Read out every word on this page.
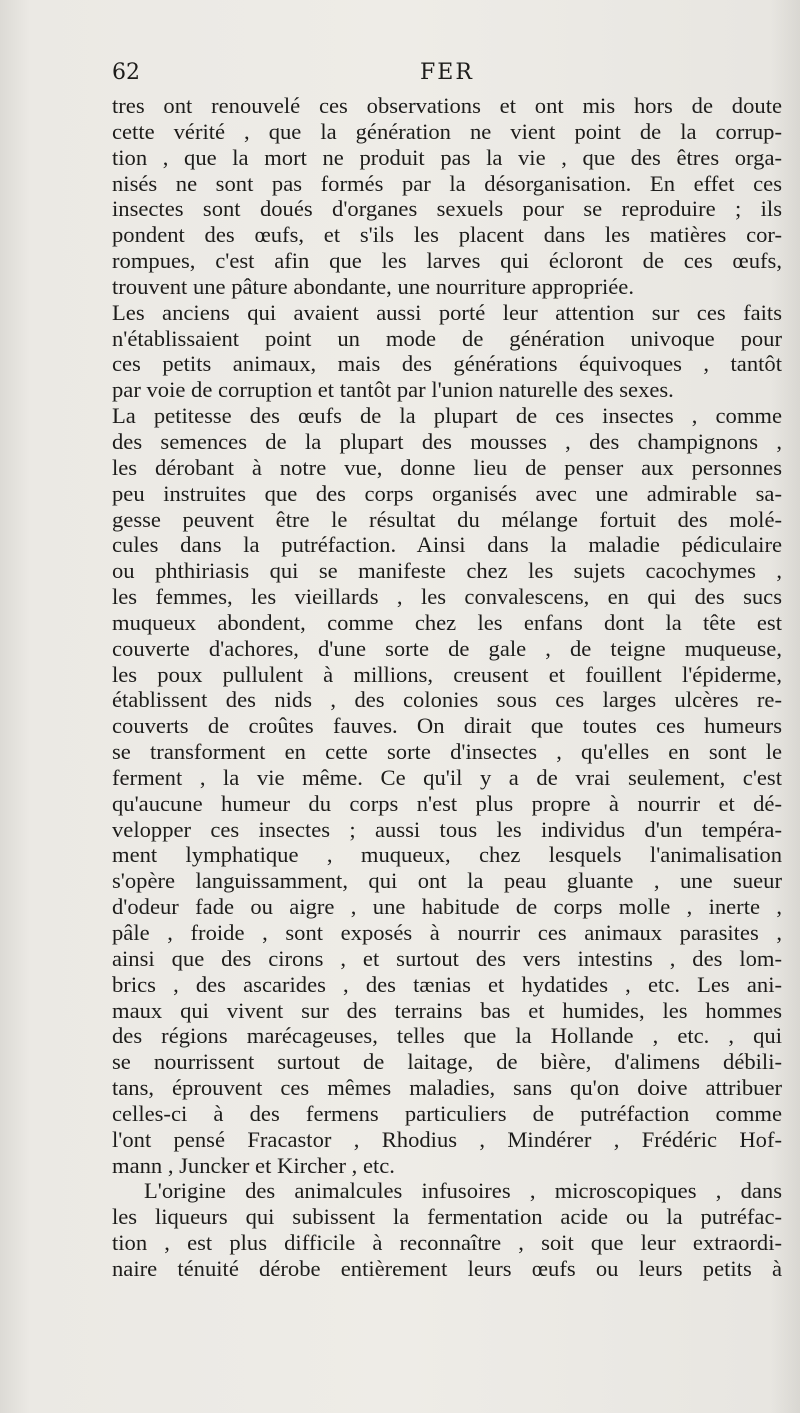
62	FER
tres ont renouvelé ces observations et ont mis hors de doute
cette vérité , que la génération ne vient point de la corrup-
tion , que la mort ne produit pas la vie , que des êtres orga-
nisés ne sont pas formés par la désorganisation. En effet ces
insectes sont doués d'organes sexuels pour se reproduire ; ils
pondent des œufs, et s'ils les placent dans les matières cor-
rompues, c'est afin que les larves qui écloront de ces œufs,
trouvent une pâture abondante, une nourriture appropriée.
Les anciens qui avaient aussi porté leur attention sur ces faits
n'établissaient point un mode de génération univoque pour
ces petits animaux, mais des générations équivoques , tantôt
par voie de corruption et tantôt par l'union naturelle des sexes.
La petitesse des œufs de la plupart de ces insectes , comme
des semences de la plupart des mousses , des champignons ,
les dérobant à notre vue, donne lieu de penser aux personnes
peu instruites que des corps organisés avec une admirable sa-
gesse peuvent être le résultat du mélange fortuit des molé-
cules dans la putréfaction. Ainsi dans la maladie pédiculaire
ou phthiriasis qui se manifeste chez les sujets cacochymes ,
les femmes, les vieillards , les convalescens, en qui des sucs
muqueux abondent, comme chez les enfans dont la tête est
couverte d'achores, d'une sorte de gale , de teigne muqueuse,
les poux pullulent à millions, creusent et fouillent l'épiderme,
établissent des nids , des colonies sous ces larges ulcères re-
couverts de croûtes fauves. On dirait que toutes ces humeurs
se transforment en cette sorte d'insectes , qu'elles en sont le
ferment , la vie même. Ce qu'il y a de vrai seulement, c'est
qu'aucune humeur du corps n'est plus propre à nourrir et dé-
velopper ces insectes ; aussi tous les individus d'un tempéra-
ment lymphatique , muqueux, chez lesquels l'animalisation
s'opère languissamment, qui ont la peau gluante , une sueur
d'odeur fade ou aigre , une habitude de corps molle , inerte ,
pâle , froide , sont exposés à nourrir ces animaux parasites ,
ainsi que des cirons , et surtout des vers intestins , des lom-
brics , des ascarides , des tænias et hydatides , etc. Les ani-
maux qui vivent sur des terrains bas et humides, les hommes
des régions marécageuses, telles que la Hollande , etc. , qui
se nourrissent surtout de laitage, de bière, d'alimens débili-
tans, éprouvent ces mêmes maladies, sans qu'on doive attribuer
celles-ci à des fermens particuliers de putréfaction comme
l'ont pensé Fracastor , Rhodius , Mindérer , Frédéric Hof-
mann , Juncker et Kircher , etc.
L'origine des animalcules infusoires , microscopiques , dans
les liqueurs qui subissent la fermentation acide ou la putréfac-
tion , est plus difficile à reconnaître , soit que leur extraordi-
naire ténuité dérobe entièrement leurs œufs ou leurs petits à
